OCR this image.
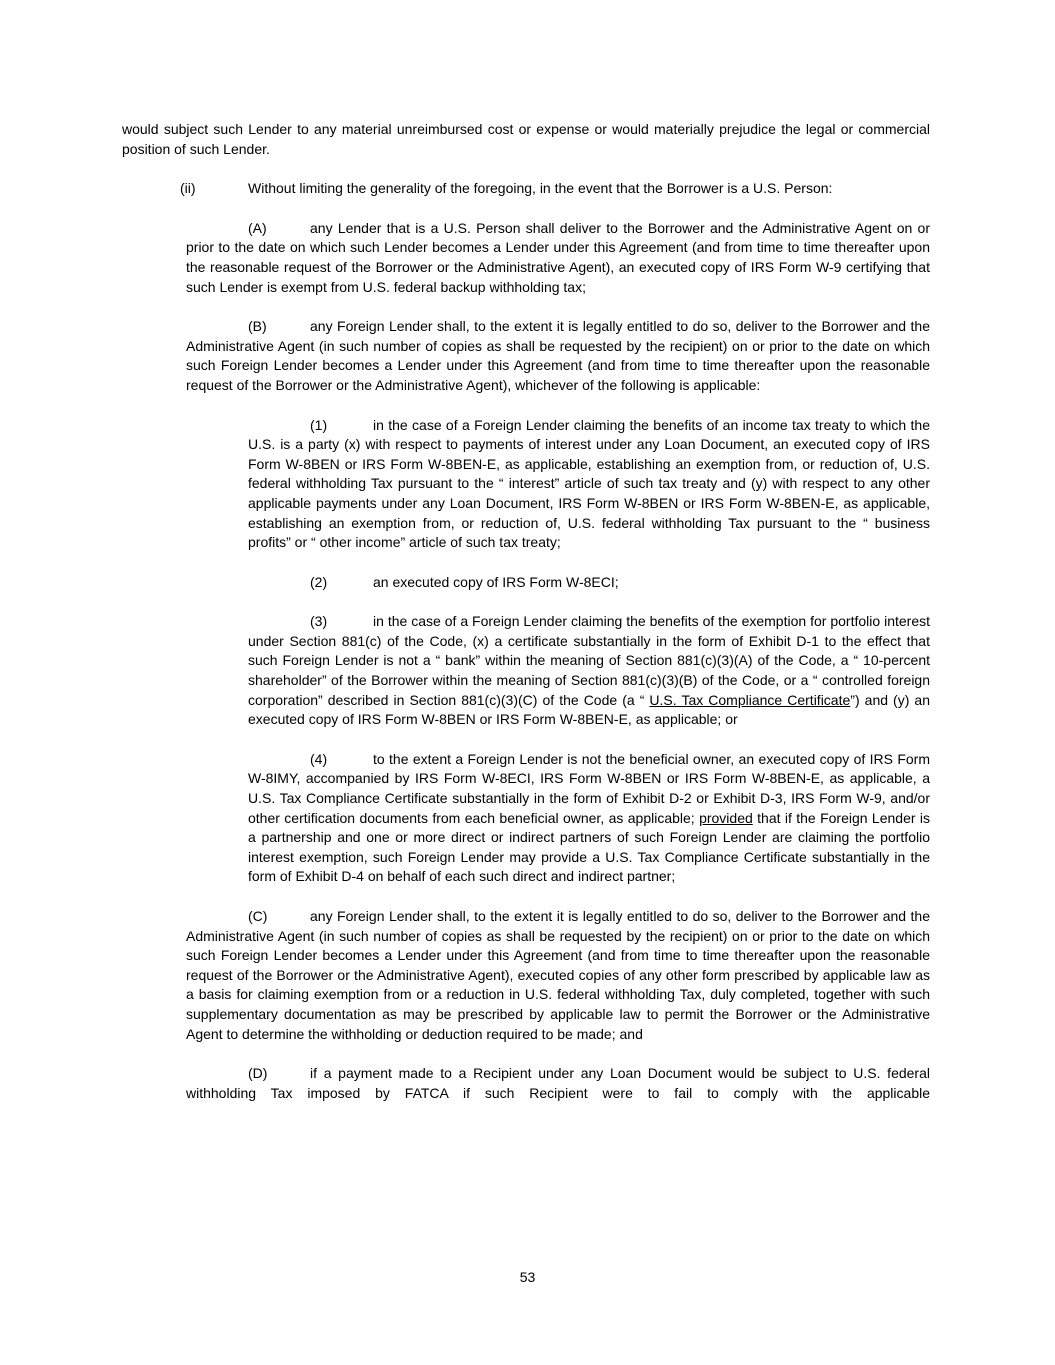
would subject such Lender to any material unreimbursed cost or expense or would materially prejudice the legal or commercial position of such Lender.

(ii)	Without limiting the generality of the foregoing, in the event that the Borrower is a U.S. Person:

(A)	any Lender that is a U.S. Person shall deliver to the Borrower and the Administrative Agent on or prior to the date on which such Lender becomes a Lender under this Agreement (and from time to time thereafter upon the reasonable request of the Borrower or the Administrative Agent), an executed copy of IRS Form W-9 certifying that such Lender is exempt from U.S. federal backup withholding tax;

(B)	any Foreign Lender shall, to the extent it is legally entitled to do so, deliver to the Borrower and the Administrative Agent (in such number of copies as shall be requested by the recipient) on or prior to the date on which such Foreign Lender becomes a Lender under this Agreement (and from time to time thereafter upon the reasonable request of the Borrower or the Administrative Agent), whichever of the following is applicable:

(1)	in the case of a Foreign Lender claiming the benefits of an income tax treaty to which the U.S. is a party (x) with respect to payments of interest under any Loan Document, an executed copy of IRS Form W-8BEN or IRS Form W-8BEN-E, as applicable, establishing an exemption from, or reduction of, U.S. federal withholding Tax pursuant to the “ interest” article of such tax treaty and (y) with respect to any other applicable payments under any Loan Document, IRS Form W-8BEN or IRS Form W-8BEN-E, as applicable, establishing an exemption from, or reduction of, U.S. federal withholding Tax pursuant to the “ business profits” or “ other income” article of such tax treaty;

(2)	an executed copy of IRS Form W-8ECI;

(3)	in the case of a Foreign Lender claiming the benefits of the exemption for portfolio interest under Section 881(c) of the Code, (x) a certificate substantially in the form of Exhibit D-1 to the effect that such Foreign Lender is not a “ bank” within the meaning of Section 881(c)(3)(A) of the Code, a “ 10-percent shareholder” of the Borrower within the meaning of Section 881(c)(3)(B) of the Code, or a “ controlled foreign corporation” described in Section 881(c)(3)(C) of the Code (a “ U.S. Tax Compliance Certificate”) and (y) an executed copy of IRS Form W-8BEN or IRS Form W-8BEN-E, as applicable; or

(4)	to the extent a Foreign Lender is not the beneficial owner, an executed copy of IRS Form W-8IMY, accompanied by IRS Form W-8ECI, IRS Form W-8BEN or IRS Form W-8BEN-E, as applicable, a U.S. Tax Compliance Certificate substantially in the form of Exhibit D-2 or Exhibit D-3, IRS Form W-9, and/or other certification documents from each beneficial owner, as applicable; provided that if the Foreign Lender is a partnership and one or more direct or indirect partners of such Foreign Lender are claiming the portfolio interest exemption, such Foreign Lender may provide a U.S. Tax Compliance Certificate substantially in the form of Exhibit D-4 on behalf of each such direct and indirect partner;

(C)	any Foreign Lender shall, to the extent it is legally entitled to do so, deliver to the Borrower and the Administrative Agent (in such number of copies as shall be requested by the recipient) on or prior to the date on which such Foreign Lender becomes a Lender under this Agreement (and from time to time thereafter upon the reasonable request of the Borrower or the Administrative Agent), executed copies of any other form prescribed by applicable law as a basis for claiming exemption from or a reduction in U.S. federal withholding Tax, duly completed, together with such supplementary documentation as may be prescribed by applicable law to permit the Borrower or the Administrative Agent to determine the withholding or deduction required to be made; and

(D)	if a payment made to a Recipient under any Loan Document would be subject to U.S. federal withholding Tax imposed by FATCA if such Recipient were to fail to comply with the applicable

53
